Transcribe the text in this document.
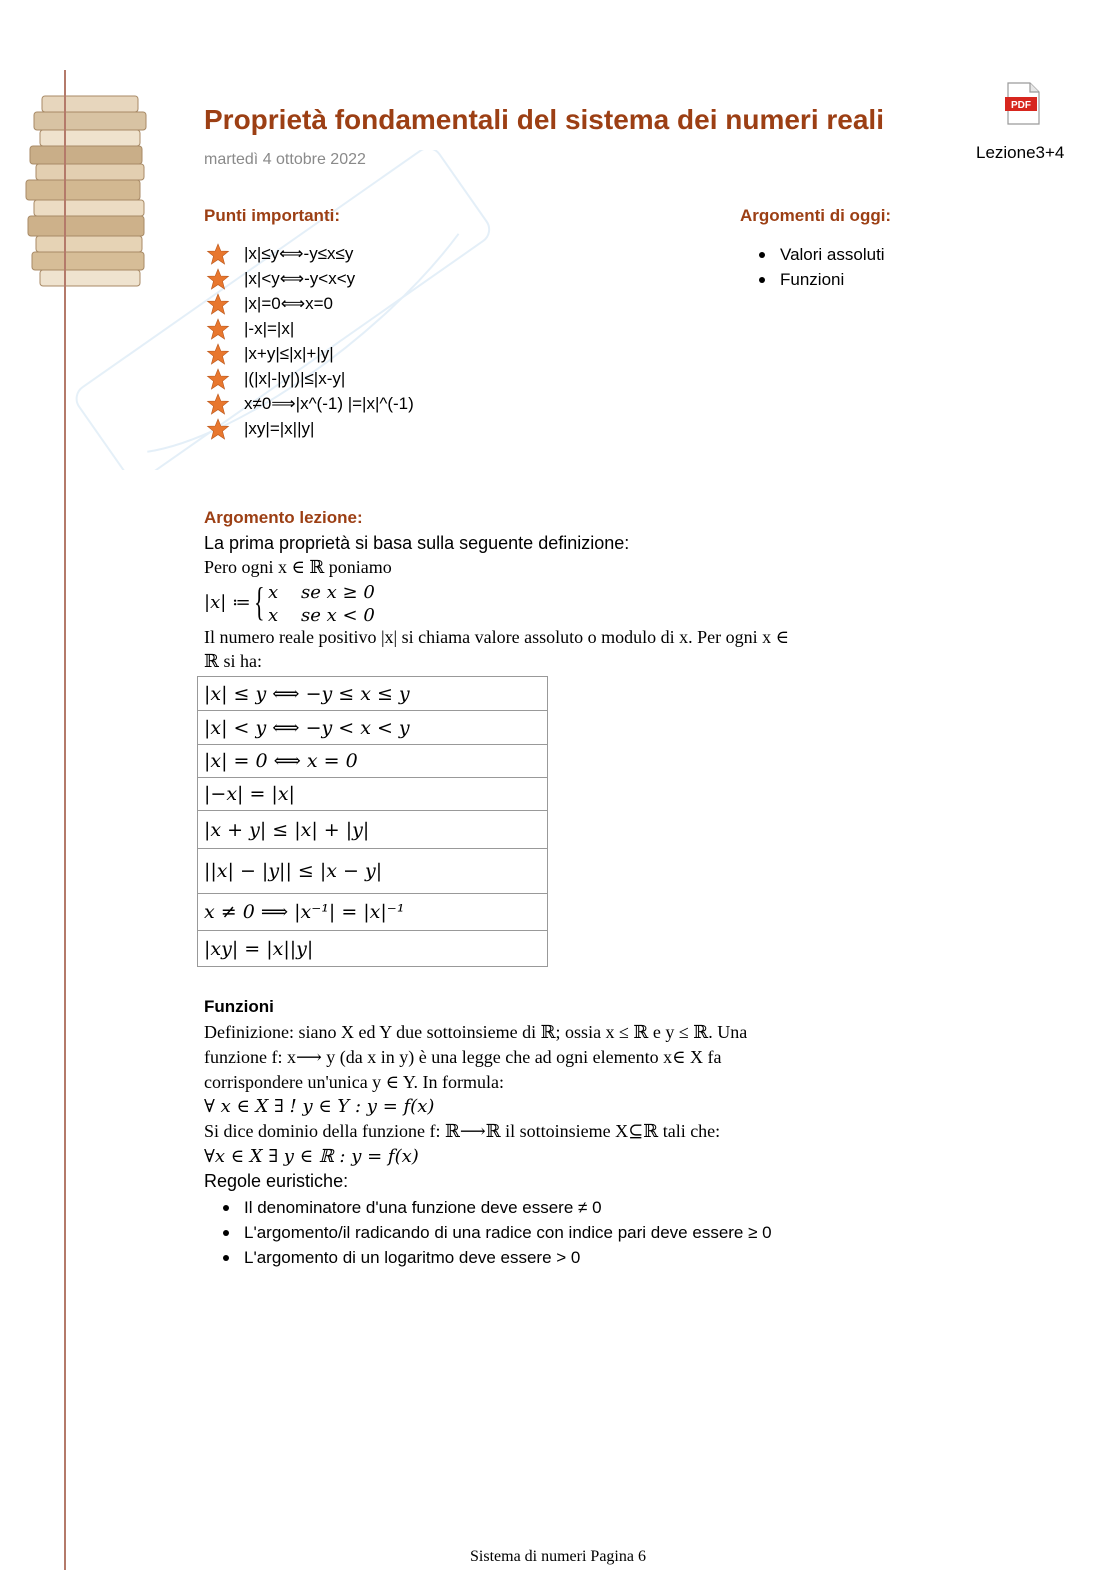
Proprietà fondamentali del sistema dei numeri reali
martedì 4 ottobre 2022
PDF
Lezione3+4
Punti importanti:
|x|≤y⟺-y≤x≤y
|x|<y⟺-y<x<y
|x|=0⟺x=0
|-x|=|x|
|x+y|≤|x|+|y|
|(|x|-|y|)|≤|x-y|
x≠0⟹|x^(-1) |=|x|^(-1)
|xy|=|x||y|
Argomenti di oggi:
Valori assoluti
Funzioni
Argomento lezione:
La prima proprietà si basa sulla seguente definizione:
Pero ogni x ∈ ℝ poniamo
|x| ≔ { x    se x ≥ 0
x    se x < 0
Il numero reale positivo |x| si chiama valore assoluto o modulo di x. Per ogni x ∈
ℝ si ha:
|x| ≤ y ⟺ −y ≤ x ≤ y
|x| < y ⟺ −y < x < y
|x| = 0 ⟺ x = 0
|−x| = |x|
|x + y| ≤ |x| + |y|
||x| − |y|| ≤ |x − y|
x ≠ 0 ⟹ |x⁻¹| = |x|⁻¹
|xy| = |x||y|
Funzioni
Definizione: siano X ed Y due sottoinsieme di ℝ; ossia x ≤ ℝ e y ≤ ℝ. Una
funzione f: x⟶ y (da x in y) è una legge che ad ogni elemento x∈ X fa
corrispondere un'unica y ∈ Y. In formula:
∀ x ∈ X ∃ ! y ∈ Y : y = f(x)
Si dice dominio della funzione f: ℝ⟶ℝ il sottoinsieme X⊆ℝ tali che:
∀x ∈ X ∃ y ∈ ℝ : y = f(x)
Regole euristiche:
Il denominatore d'una funzione deve essere ≠ 0
L'argomento/il radicando di una radice con indice pari deve essere ≥ 0
L'argomento di un logaritmo deve essere > 0
Sistema di numeri Pagina 6
